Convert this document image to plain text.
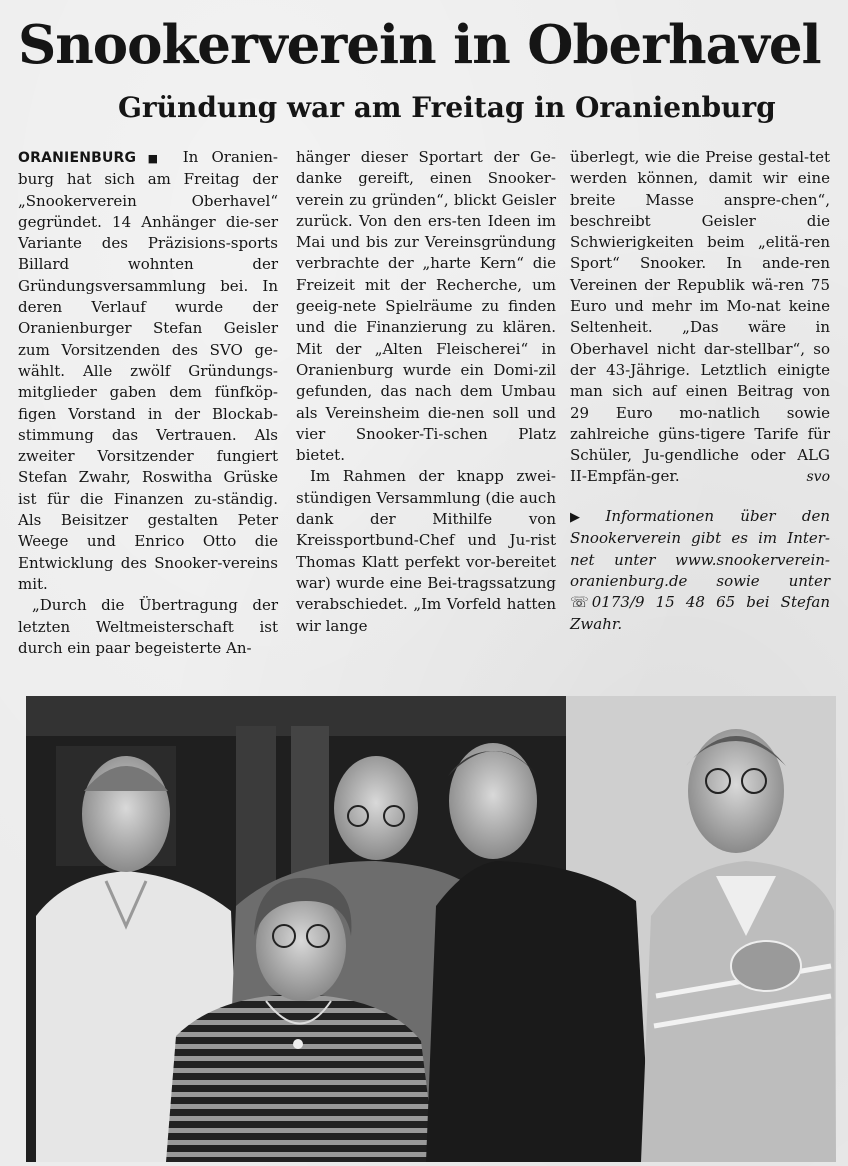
Snookerverein in Oberhavel
Gründung war am Freitag in Oranienburg

ORANIENBURG ■ In Oranien-burg hat sich am Freitag der „Snookerverein Oberhavel“ gegründet. 14 Anhänger die-ser Variante des Präzisions-sports Billard wohnten der Gründungsversammlung bei. In deren Verlauf wurde der Oranienburger Stefan Geisler zum Vorsitzenden des SVO ge-wählt. Alle zwölf Gründungs-mitglieder gaben dem fünfköp-figen Vorstand in der Blockab-stimmung das Vertrauen. Als zweiter Vorsitzender fungiert Stefan Zwahr, Roswitha Grüske ist für die Finanzen zu-ständig. Als Beisitzer gestalten Peter Weege und Enrico Otto die Entwicklung des Snooker-vereins mit.

„Durch die Übertragung der letzten Weltmeisterschaft ist durch ein paar begeisterte An-

hänger dieser Sportart der Ge-danke gereift, einen Snooker-verein zu gründen“, blickt Geisler zurück. Von den ers-ten Ideen im Mai und bis zur Vereinsgründung verbrachte der „harte Kern“ die Freizeit mit der Recherche, um geeig-nete Spielräume zu finden und die Finanzierung zu klären. Mit der „Alten Fleischerei“ in Oranienburg wurde ein Domi-zil gefunden, das nach dem Umbau als Vereinsheim die-nen soll und vier Snooker-Ti-schen Platz bietet.

Im Rahmen der knapp zwei-stündigen Versammlung (die auch dank der Mithilfe von Kreissportbund-Chef und Ju-rist Thomas Klatt perfekt vor-bereitet war) wurde eine Bei-tragssatzung verabschiedet. „Im Vorfeld hatten wir lange

überlegt, wie die Preise gestal-tet werden können, damit wir eine breite Masse anspre-chen“, beschreibt Geisler die Schwierigkeiten beim „elitä-ren Sport“ Snooker. In ande-ren Vereinen der Republik wä-ren 75 Euro und mehr im Mo-nat keine Seltenheit. „Das wäre in Oberhavel nicht dar-stellbar“, so der 43-Jährige. Letztlich einigte man sich auf einen Beitrag von 29 Euro mo-natlich sowie zahlreiche güns-tigere Tarife für Schüler, Ju-gendliche oder ALG II-Empfän-ger.	svo

▶ Informationen über den Snookerverein gibt es im Inter-net unter www.snookerverein-oranienburg.de sowie unter ☏ 0173/9 15 48 65 bei Stefan Zwahr.
